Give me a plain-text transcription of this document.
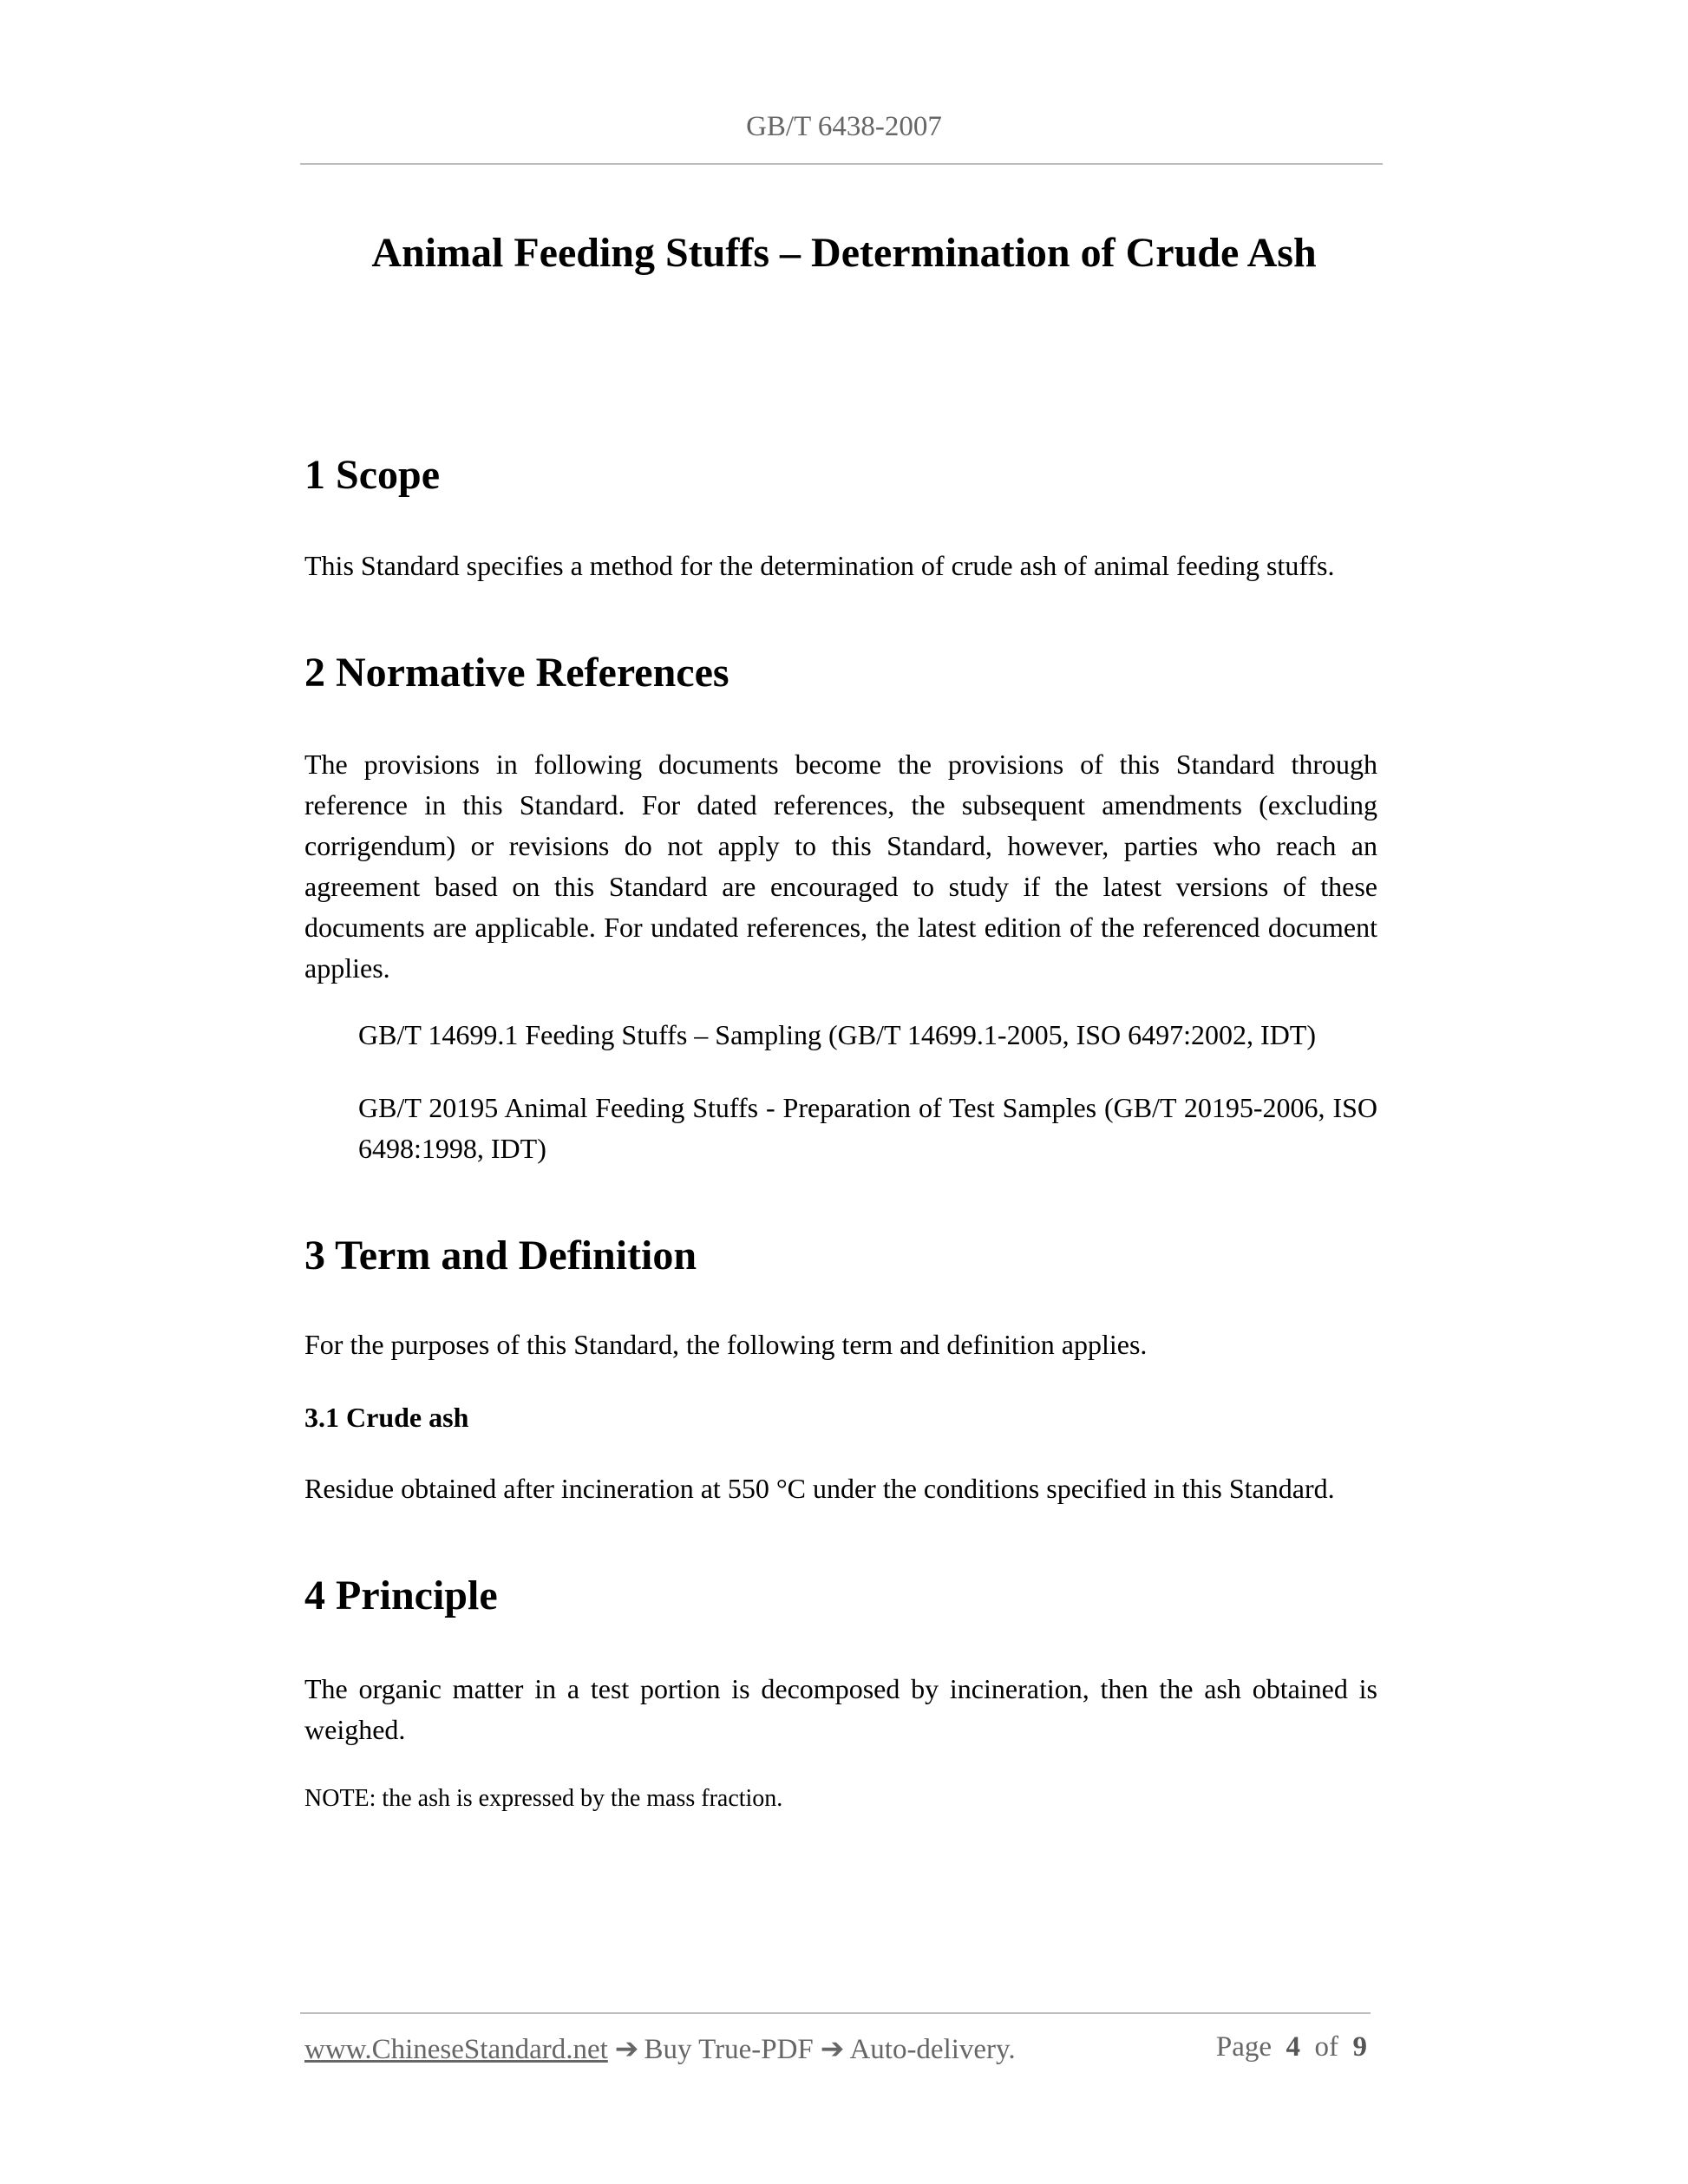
GB/T 6438-2007
Animal Feeding Stuffs – Determination of Crude Ash
1 Scope
This Standard specifies a method for the determination of crude ash of animal feeding stuffs.
2 Normative References
The provisions in following documents become the provisions of this Standard through reference in this Standard. For dated references, the subsequent amendments (excluding corrigendum) or revisions do not apply to this Standard, however, parties who reach an agreement based on this Standard are encouraged to study if the latest versions of these documents are applicable. For undated references, the latest edition of the referenced document applies.
GB/T 14699.1 Feeding Stuffs – Sampling (GB/T 14699.1-2005, ISO 6497:2002, IDT)
GB/T 20195 Animal Feeding Stuffs - Preparation of Test Samples (GB/T 20195-2006, ISO 6498:1998, IDT)
3 Term and Definition
For the purposes of this Standard, the following term and definition applies.
3.1 Crude ash
Residue obtained after incineration at 550 °C under the conditions specified in this Standard.
4 Principle
The organic matter in a test portion is decomposed by incineration, then the ash obtained is weighed.
NOTE: the ash is expressed by the mass fraction.
www.ChineseStandard.net ➔ Buy True-PDF ➔ Auto-delivery.	Page 4 of 9
